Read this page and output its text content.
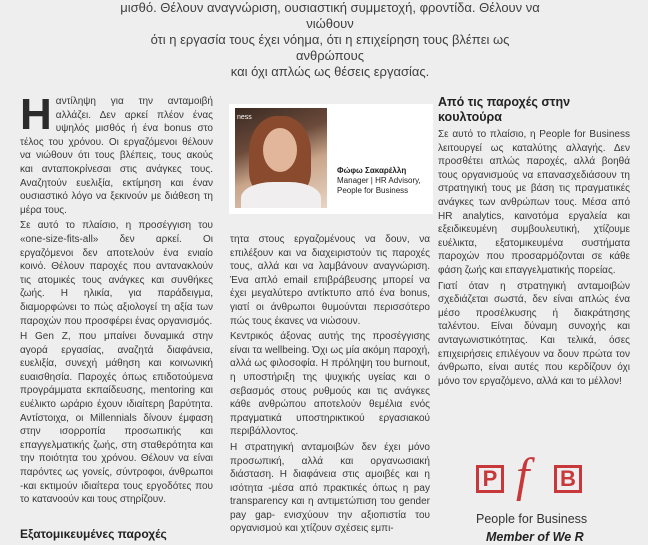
μισθό. Θέλουν αναγνώριση, ουσιαστική συμμετοχή, φροντίδα. Θέλουν να νιώθουν

ότι η εργασία τους έχει νόημα, ότι η επιχείρηση τους βλέπει ως ανθρώπους

και όχι απλώς ως θέσεις εργασίας.

Η αντίληψη για την ανταμοιβή αλλάζει. Δεν αρκεί πλέον ένας υψηλός μισθός ή ένα bonus στο τέλος του χρόνου. Οι εργαζόμενοι θέλουν να νιώθουν ότι τους βλέπεις, τους ακούς και ανταποκρίνεσαι στις ανάγκες τους. Αναζητούν ευελιξία, εκτίμηση και έναν ουσιαστικό λόγο να ξεκινούν με διάθεση τη μέρα τους.

Σε αυτό το πλαίσιο, η προσέγγιση του «one-size-fits-all» δεν αρκεί. Οι εργαζόμενοι δεν αποτελούν ένα ενιαίο κοινό. Θέλουν παροχές που αντανακλούν τις ατομικές τους ανάγκες και συνθήκες ζωής. Η ηλικία, για παράδειγμα, διαμορφώνει το πώς αξιολογεί τη αξία των παροχών που προσφέρει ένας οργανισμός.

Η Gen Z, που μπαίνει δυναμικά στην αγορά εργασίας, αναζητά διαφάνεια, ευελιξία, συνεχή μάθηση και κοινωνική ευαισθησία. Παροχές όπως επιδοτούμενα προγράμματα εκπαίδευσης, mentoring και ευέλικτο ωράριο έχουν ιδιαίτερη βαρύτητα. Αντίστοιχα, οι Millennials δίνουν έμφαση στην ισορροπία προσωπικής και επαγγελματικής ζωής, στη σταθερότητα και την ποιότητα του χρόνου. Θέλουν να είναι παρόντες ως γονείς, σύντροφοι, άνθρωποι -και εκτιμούν ιδιαίτερα τους εργοδότες που το κατανοούν και τους στηρίζουν.

Εξατομικευμένες παροχές
ness
Φώφω Σακαρέλλη
Manager | HR Advisory,
People for Business

τητα στους εργαζομένους να δουν, να επιλέξουν και να διαχειριστούν τις παροχές τους, αλλά και να λαμβάνουν αναγνώριση. Ένα απλό email επιβράβευσης μπορεί να έχει μεγαλύτερο αντίκτυπο από ένα bonus, γιατί οι άνθρωποι θυμούνται περισσότερο πώς τους έκανες να νιώσουν.

Κεντρικός άξονας αυτής της προσέγγισης είναι τα wellbeing. Όχι ως μία ακόμη παροχή, αλλά ως φιλοσοφία. Η πρόληψη του burnout, η υποστήριξη της ψυχικής υγείας και ο σεβασμός στους ρυθμούς και τις ανάγκες κάθε ανθρώπου αποτελούν θεμέλια ενός πραγματικά υποστηρικτικού εργασιακού περιβάλλοντος.

Η στρατηγική ανταμοιβών δεν έχει μόνο προσωπική, αλλά και οργανωσιακή διάσταση. Η διαφάνεια στις αμοιβές και η ισότητα -μέσα από πρακτικές όπως η pay transparency και η αντιμετώπιση του gender pay gap- ενισχύουν την αξιοπιστία του οργανισμού και χτίζουν σχέσεις εμπι-

Από τις παροχές στην κουλτούρα

Σε αυτό το πλαίσιο, η People for Business λειτουργεί ως καταλύτης αλλαγής. Δεν προσθέτει απλώς παροχές, αλλά βοηθά τους οργανισμούς να επανασχεδιάσουν τη στρατηγική τους με βάση τις πραγματικές ανάγκες των ανθρώπων τους. Μέσα από HR analytics, καινοτόμα εργαλεία και εξειδικευμένη συμβουλευτική, χτίζουμε ευέλικτα, εξατομικευμένα συστήματα παροχών που προσαρμόζονται σε κάθε φάση ζωής και επαγγελματικής πορείας.

Γιατί όταν η στρατηγική ανταμοιβών σχεδιάζεται σωστά, δεν είναι απλώς ένα μέσο προσέλκυσης ή διακράτησης ταλέντου. Είναι δύναμη συνοχής και ανταγωνιστικότητας. Και τελικά, όσες επιχειρήσεις επιλέγουν να δουν πρώτα τον άνθρωπο, είναι αυτές που κερδίζουν όχι μόνο τον εργαζόμενο, αλλά και το μέλλον!

P f B
People for Business
Member of We R
